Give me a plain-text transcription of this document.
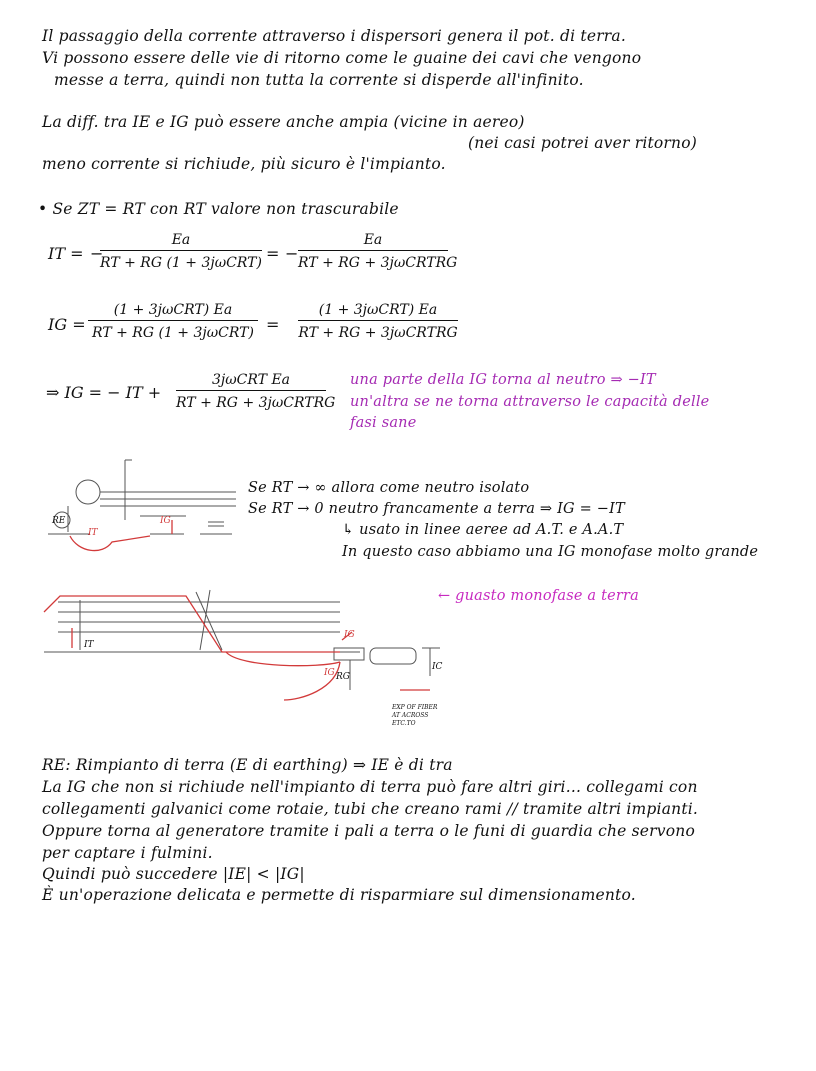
Il passaggio della corrente attraverso i dispersori genera il pot. di terra.
Vi possono essere delle vie di ritorno come le guaine dei cavi che vengono
messe a terra, quindi non tutta la corrente si disperde all'infinito.
La diff. tra IE e IG può essere anche ampia (vicine in aereo)
(nei casi potrei aver ritorno)
meno corrente si richiude, più sicuro è l'impianto.
• Se ZT = RT con RT valore non trascurabile
IT = −
Ea
RT + RG (1 + 3jωCRT) = −
Ea
RT + RG + 3jωCRTRG
IG =
(1 + 3jωCRT) Ea
RT + RG (1 + 3jωCRT) =
(1 + 3jωCRT) Ea
RT + RG + 3jωCRTRG
⇒ IG = − IT +
3jωCRT Ea
RT + RG + 3jωCRTRG
una parte della IG torna al neutro ⇒ −IT
un'altra se ne torna attraverso le capacità delle
fasi sane
Se RT → ∞ allora come neutro isolato
Se RT → 0 neutro francamente a terra ⇒ IG = −IT
↳ usato in linee aeree ad A.T. e A.A.T
In questo caso abbiamo una IG monofase molto grande
← guasto monofase a terra
RE
IT
IG
IT
IG
IG RG
IC
EXP OF FIBER
AT ACROSS
ETC.TO
RE: Rimpianto di terra (E di earthing) ⇒ IE è di tra
La IG che non si richiude nell'impianto di terra può fare altri giri... collegami con
collegamenti galvanici come rotaie, tubi che creano rami // tramite altri impianti.
Oppure torna al generatore tramite i pali a terra o le funi di guardia che servono
per captare i fulmini.
Quindi può succedere |IE| < |IG|
È un'operazione delicata e permette di risparmiare sul dimensionamento.
